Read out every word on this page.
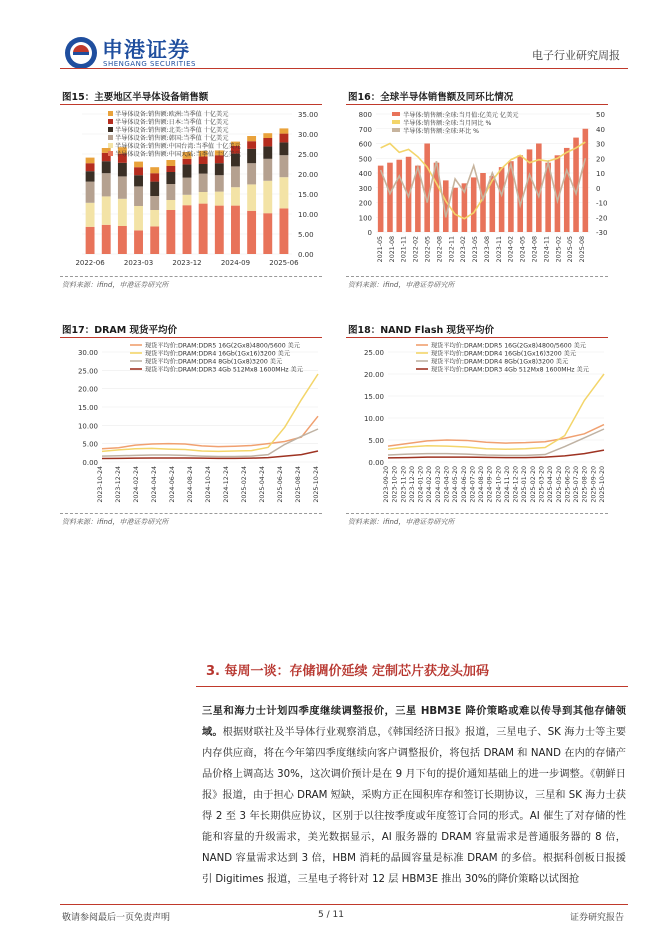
申港证券
SHENGANG SECURITIES
电子行业研究周报
图15：主要地区半导体设备销售额
35.00
30.00
25.00
20.00
15.00
10.00
5.00
0.00
2022-06	2023-03	2023-12	2024-09	2025-06
半导体设备:销售额:欧洲:当季值 十亿美元
半导体设备:销售额:日本:当季值 十亿美元
半导体设备:销售额:北美:当季值 十亿美元
半导体设备:销售额:韩国:当季值 十亿美元
半导体设备:销售额:中国台湾:当季值 十亿美元
半导体设备:销售额:中国大陆:当季值 十亿美元
资料来源：ifind，申港证券研究所
图16：全球半导体销售额及同环比情况
800
700
600
500
400
300
200
100
0
50
40
30
20
10
0
-10
-20
-30
2021-05 2021-08 2021-11 2022-02 2022-05 2022-08 2022-11 2023-02 2023-05 2023-08 2023-11 2024-02 2024-05 2024-08 2024-11 2025-02 2025-05 2025-08
半导体:销售额:全球:当月值:亿美元 亿美元
半导体:销售额:全球:当月同比 %
半导体:销售额:全球:环比 %
资料来源：ifind，申港证券研究所
图17：DRAM 现货平均价
30.00
25.00
20.00
15.00
10.00
5.00
0.00
2023-10-24 2023-12-24 2024-02-24 2024-04-24 2024-06-24 2024-08-24 2024-10-24 2024-12-24 2025-02-24 2025-04-24 2025-06-24 2025-08-24 2025-10-24
现货平均价:DRAM:DDR5 16G(2Gx8)4800/5600 美元
现货平均价:DRAM:DDR4 16Gb(1Gx16)3200 美元
现货平均价:DRAM:DDR4 8Gb(1Gx8)3200 美元
现货平均价:DRAM:DDR3 4Gb 512Mx8 1600MHz 美元
资料来源：ifind，申港证券研究所
图18：NAND Flash 现货平均价
25.00
20.00
15.00
10.00
5.00
0.00
2023-09-20 2023-10-20 2023-11-20 2023-12-20 2024-01-20 2024-02-20 2024-03-20 2024-04-20 2024-05-20 2024-06-20 2024-07-20 2024-08-20 2024-09-20 2024-10-20 2024-11-20 2024-12-20 2025-01-20 2025-02-20 2025-03-20 2025-04-20 2025-05-20 2025-06-20 2025-07-20 2025-08-20 2025-09-20 2025-10-20
现货平均价:DRAM:DDR5 16G(2Gx8)4800/5600 美元
现货平均价:DRAM:DDR4 16Gb(1Gx16)3200 美元
现货平均价:DRAM:DDR4 8Gb(1Gx8)3200 美元
现货平均价:DRAM:DDR3 4Gb 512Mx8 1600MHz 美元
资料来源：ifind，申港证券研究所
3. 每周一谈：存储调价延续 定制芯片获龙头加码
三星和海力士计划四季度继续调整报价，三星 HBM3E 降价策略或难以传导到其他存储领域。根据财联社及半导体行业观察消息，《韩国经济日报》报道，三星电子、SK 海力士等主要内存供应商，将在今年第四季度继续向客户调整报价，将包括 DRAM 和 NAND 在内的存储产品价格上调高达 30%，这次调价预计是在 9 月下旬的提价通知基础上的进一步调整。《朝鲜日报》报道，由于担心 DRAM 短缺，采购方正在囤积库存和签订长期协议，三星和 SK 海力士获得 2 至 3 年长期供应协议，区别于以往按季度或年度签订合同的形式。AI 催生了对存储的性能和容量的升级需求，美光数据显示，AI 服务器的 DRAM 容量需求是普通服务器的 8 倍，NAND 容量需求达到 3 倍，HBM 消耗的晶圆容量是标准 DRAM 的多倍。根据科创板日报援引 Digitimes 报道，三星电子将针对 12 层 HBM3E 推出 30%的降价策略以试图抢
敬请参阅最后一页免责声明	5 / 11	证券研究报告
